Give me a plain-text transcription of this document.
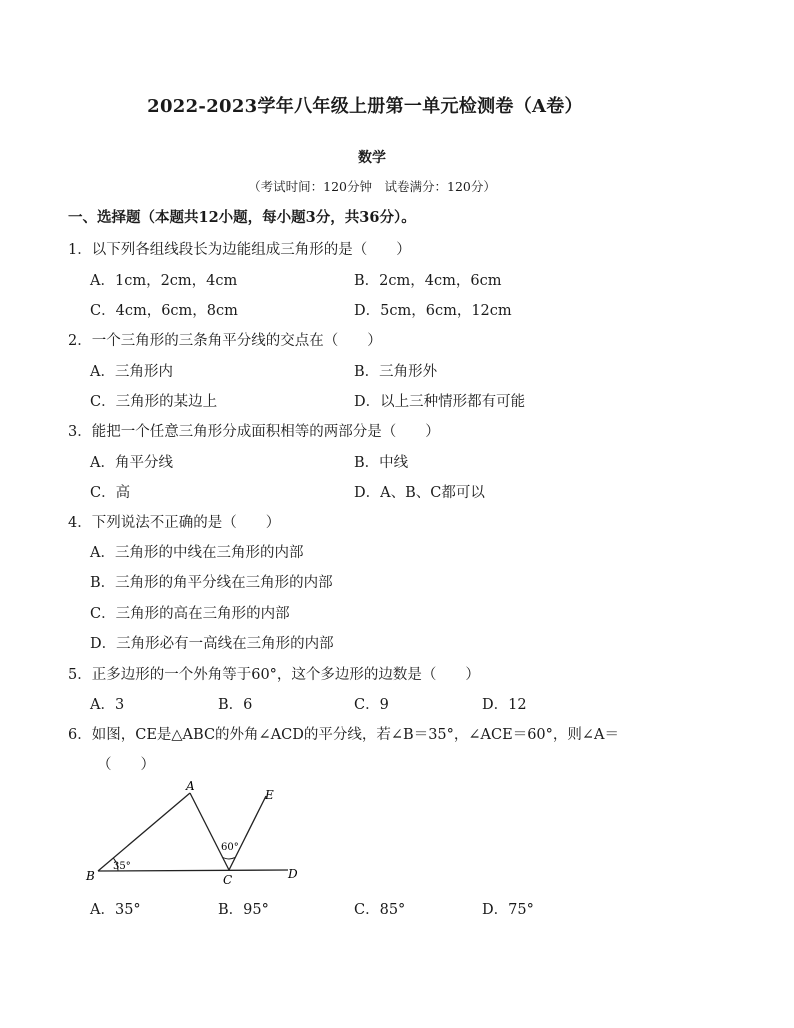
2022-2023学年八年级上册第一单元检测卷（A卷）
数学
（考试时间：120分钟　试卷满分：120分）
一、选择题（本题共12小题，每小题3分，共36分）。
1．以下列各组线段长为边能组成三角形的是（　　）
A．1cm，2cm，4cm	B．2cm，4cm，6cm
C．4cm，6cm，8cm	D．5cm，6cm，12cm
2．一个三角形的三条角平分线的交点在（　　）
A．三角形内	B．三角形外
C．三角形的某边上	D．以上三种情形都有可能
3．能把一个任意三角形分成面积相等的两部分是（　　）
A．角平分线	B．中线
C．高	D．A、B、C都可以
4．下列说法不正确的是（　　）
A．三角形的中线在三角形的内部
B．三角形的角平分线在三角形的内部
C．三角形的高在三角形的内部
D．三角形必有一高线在三角形的内部
5．正多边形的一个外角等于60°，这个多边形的边数是（　　）
A．3	B．6	C．9	D．12
6．如图，CE是△ABC的外角∠ACD的平分线，若∠B＝35°，∠ACE＝60°，则∠A＝
（　　）
A
B	C	D
E
35°
60°
A．35°	B．95°	C．85°	D．75°
